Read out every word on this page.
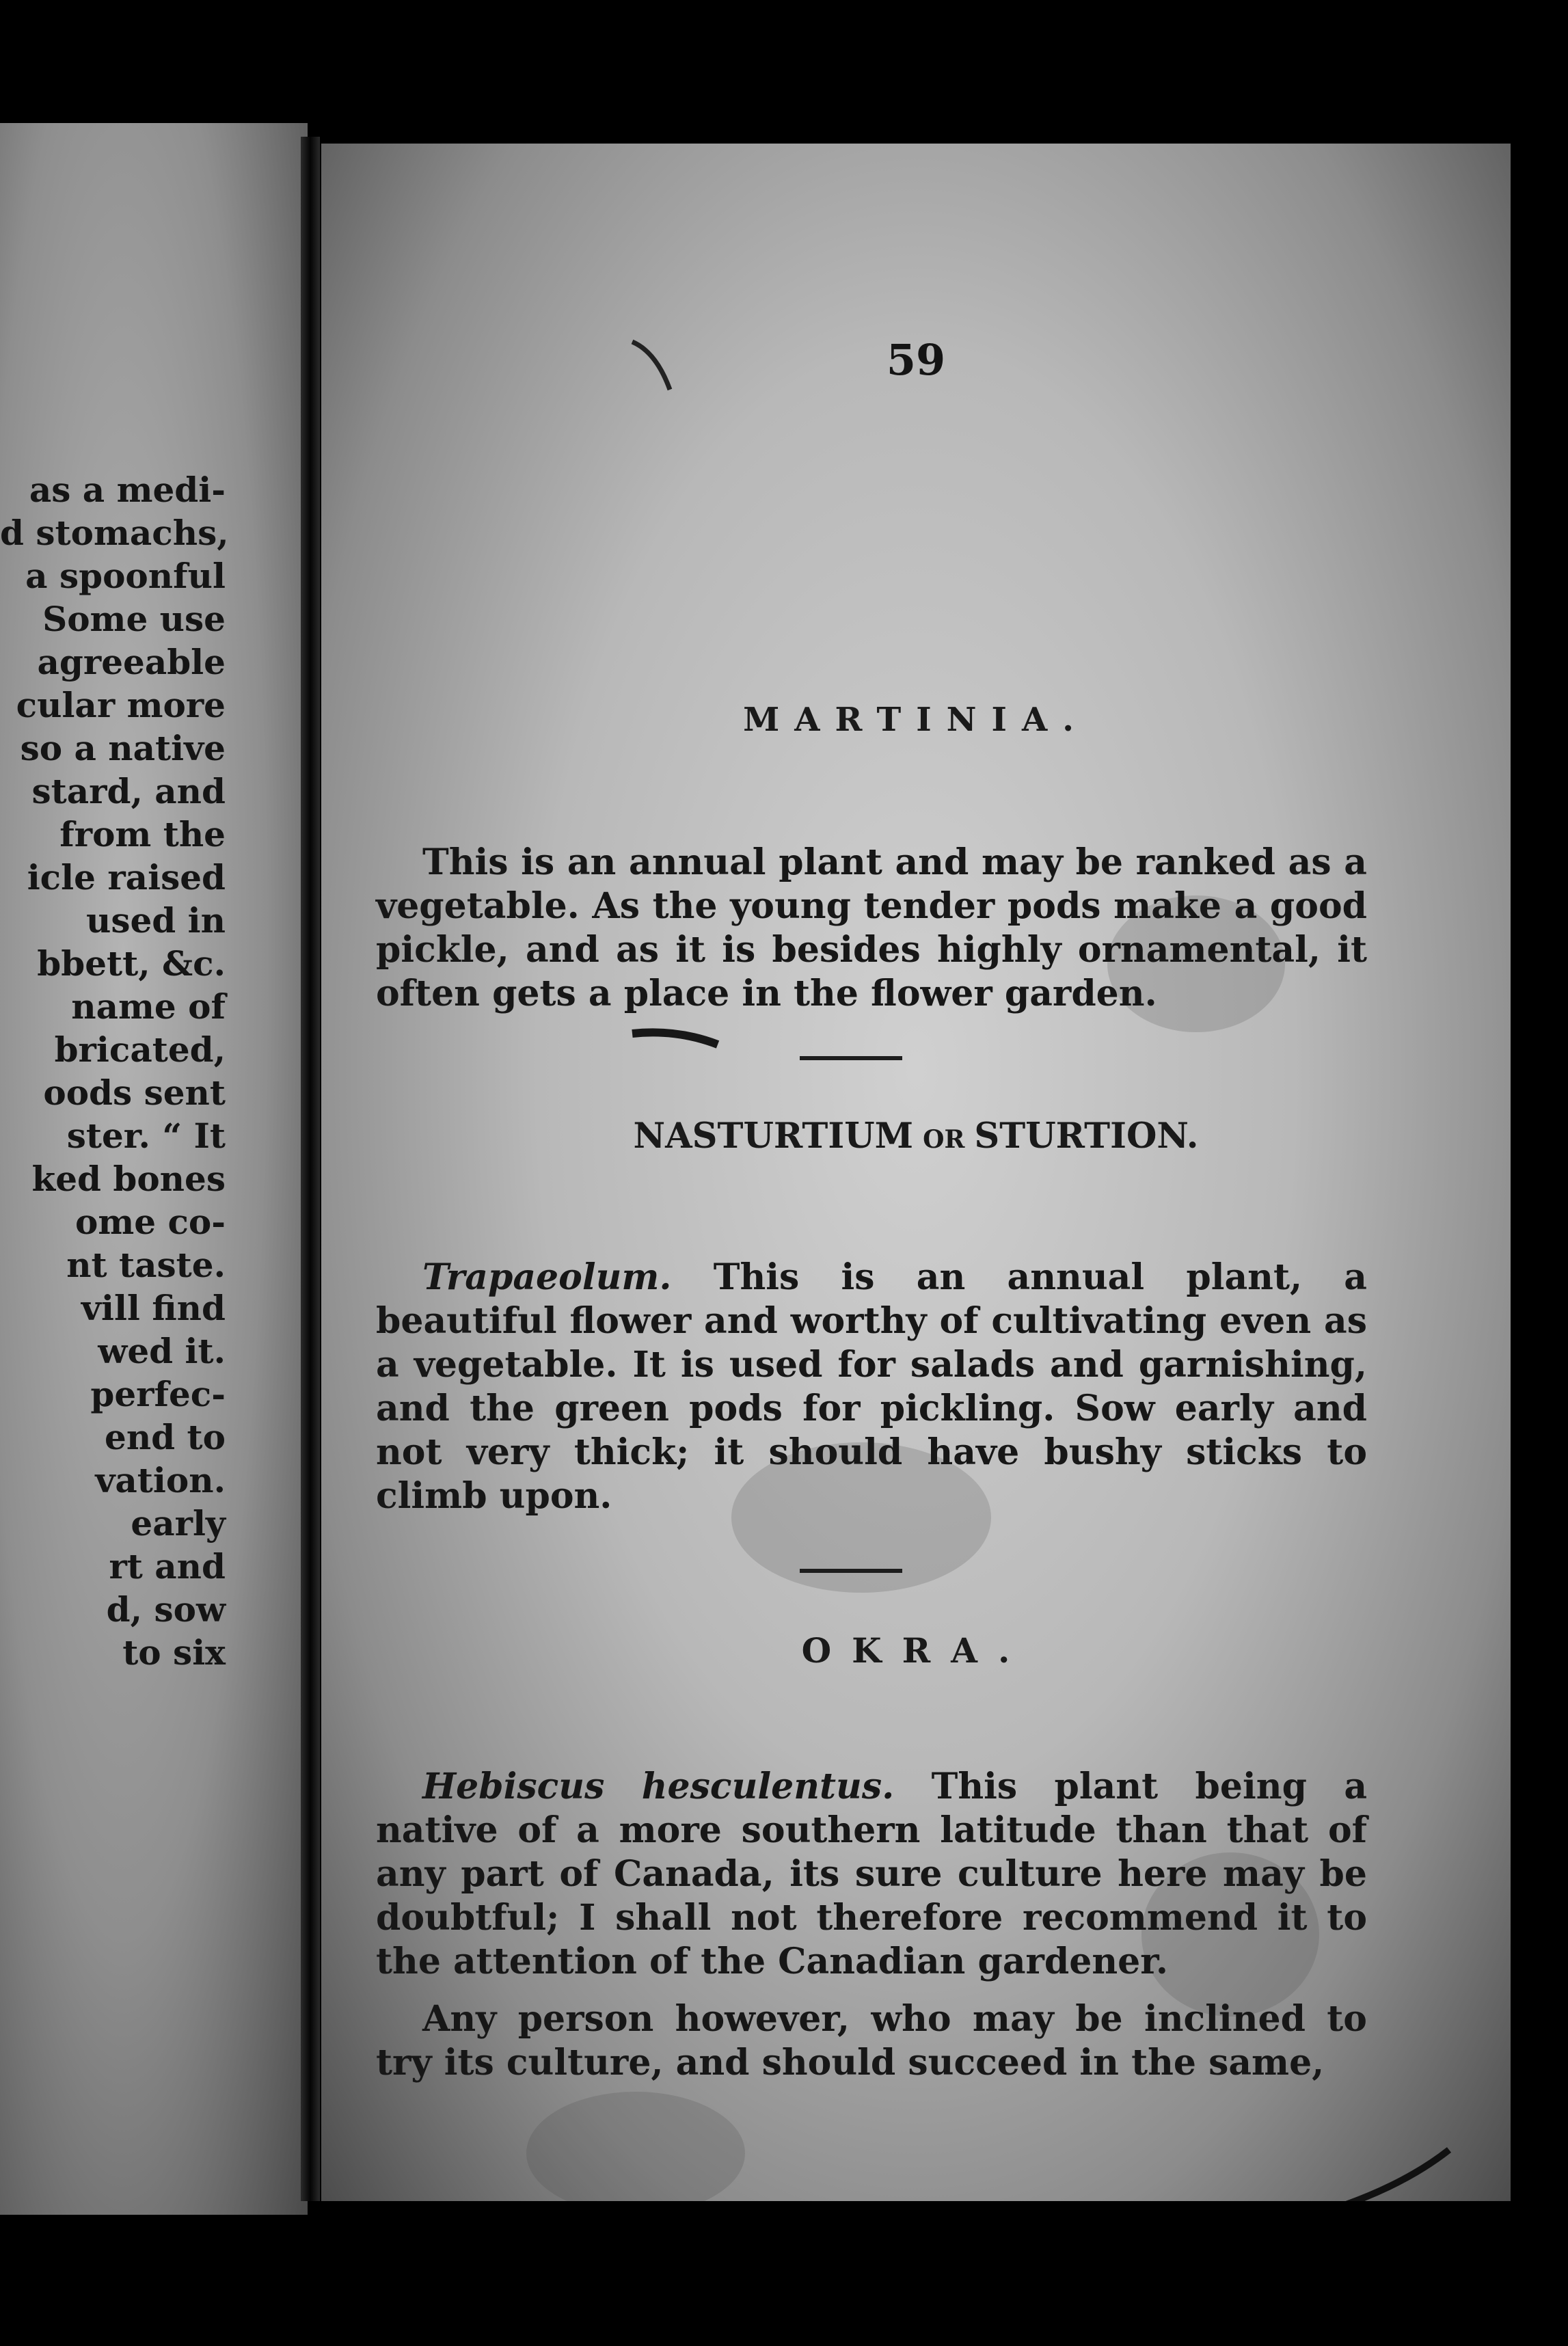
as a medi-
d stomachs,
a spoonful
Some use
agreeable
cular more
so a native
stard, and
from the
icle raised
used in
bbett, &c.
name of
bricated,
oods sent
ster. “ It
ked bones
ome co-
nt taste.
vill find
wed it.
perfec-
end to
vation.
early
rt and
d, sow
to six
59
MARTINIA.

This is an annual plant and may be ranked as a vegetable. As the young tender pods make a good pickle, and as it is besides highly ornamental, it often gets a place in the flower garden.

NASTURTIUM OR STURTION.

Trapaeolum. This is an annual plant, a beautiful flower and worthy of cultivating even as a vegetable. It is used for salads and garnishing, and the green pods for pickling. Sow early and not very thick; it should have bushy sticks to climb upon.

OKRA.

Hebiscus hesculentus. This plant being a native of a more southern latitude than that of any part of Canada, its sure culture here may be doubtful; I shall not therefore recommend it to the attention of the Canadian gardener.

Any person however, who may be inclined to try its culture, and should succeed in the same,
